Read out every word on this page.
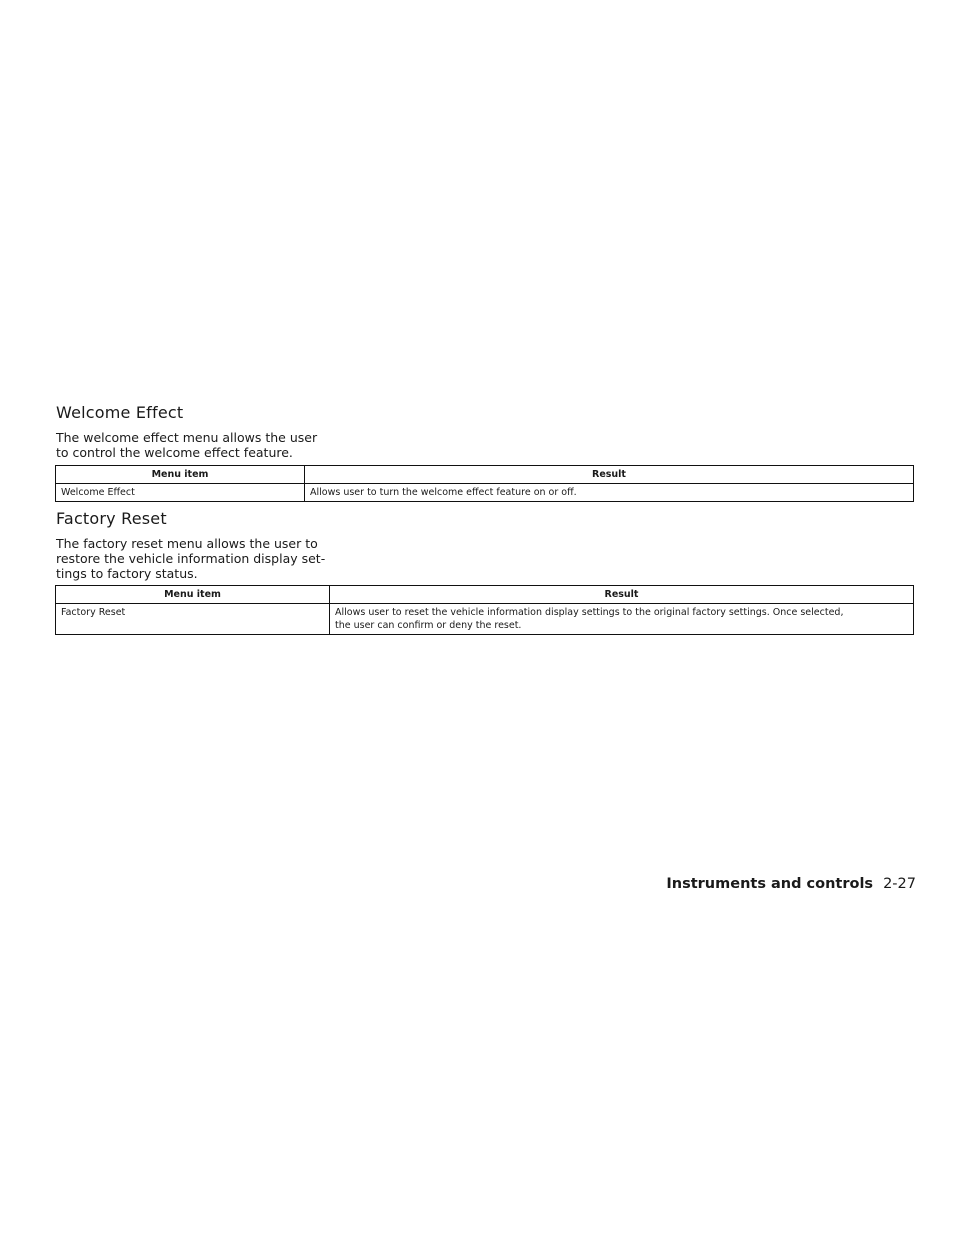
Welcome Effect

The welcome effect menu allows the user
to control the welcome effect feature.

Menu item	Result
Welcome Effect	Allows user to turn the welcome effect feature on or off.
Factory Reset

The factory reset menu allows the user to
restore the vehicle information display set-
tings to factory status.

Menu item	Result
Factory Reset	Allows user to reset the vehicle information display settings to the original factory settings. Once selected,
the user can confirm or deny the reset.
Instruments and controls 2-27
